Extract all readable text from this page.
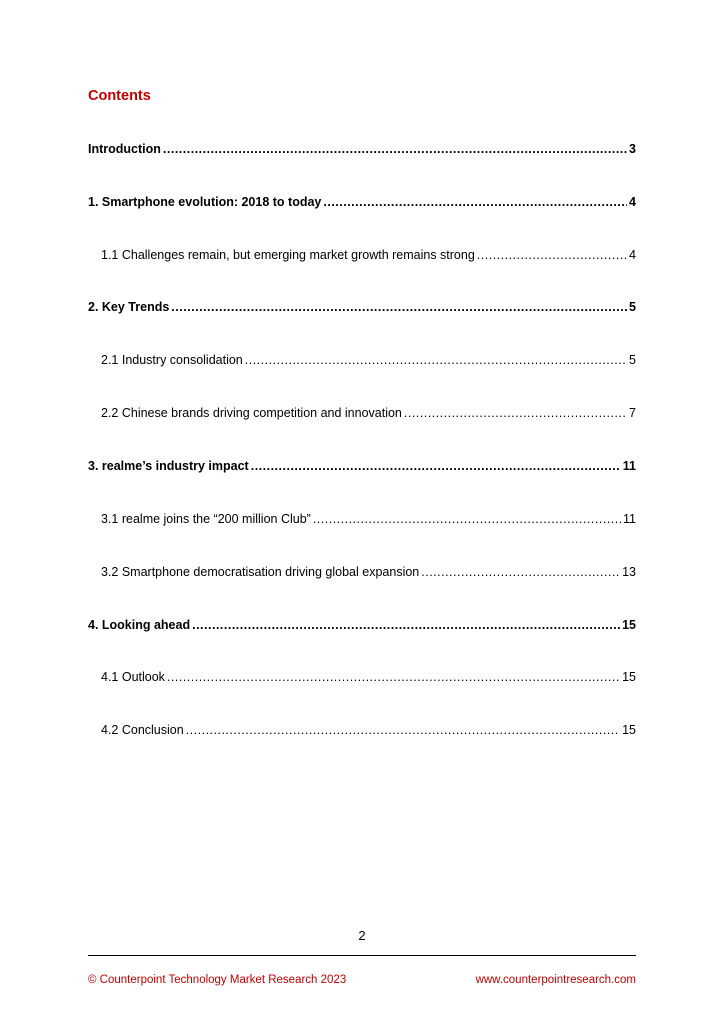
Contents
Introduction .....	3
1. Smartphone evolution: 2018 to today .....	4
1.1 Challenges remain, but emerging market growth remains strong .....	4
2. Key Trends .....	5
2.1 Industry consolidation .....	5
2.2 Chinese brands driving competition and innovation .....	7
3. realme’s industry impact .....	11
3.1 realme joins the “200 million Club” .....	11
3.2 Smartphone democratisation driving global expansion .....	13
4. Looking ahead .....	15
4.1 Outlook .....	15
4.2 Conclusion .....	15
2
© Counterpoint Technology Market Research 2023	www.counterpointresearch.com
